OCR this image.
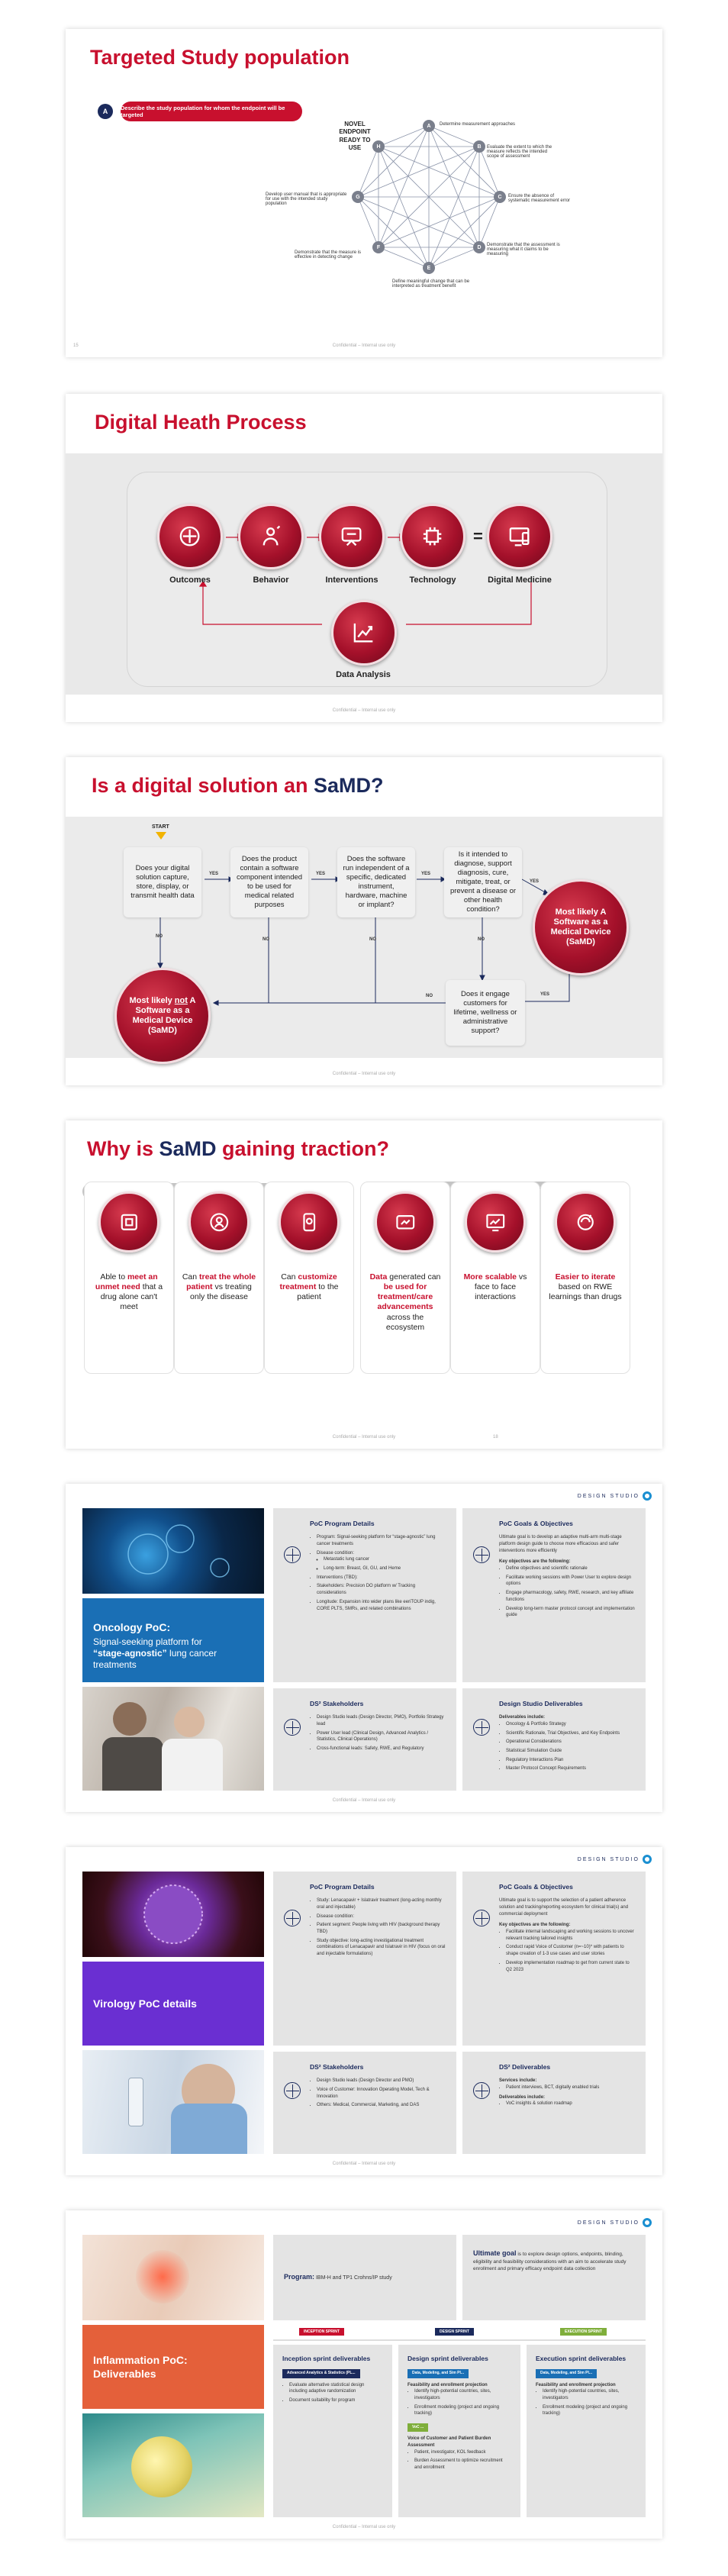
Targeted Study population
A	Describe the study population for whom the endpoint will be targeted
A
B
C
D
E
F
G
H
NOVEL ENDPOINT READY TO USE
Determine measurement approaches
Evaluate the extent to which the measure reflects the intended scope of assessment
Ensure the absence of systematic measurement error
Demonstrate that the assessment is measuring what it claims to be measuring
Define meaningful change that can be interpreted as treatment benefit
Demonstrate that the measure is effective in detecting change
Develop user manual that is appropriate for use with the intended study population
15	Confidential – Internal use only
Digital Heath Process
Outcomes	Behavior	Interventions	Technology	Digital Medicine
=
Data Analysis
Confidential – Internal use only
Is a digital solution an SaMD?
START
Does your digital solution capture, store, display, or transmit health data
Does the product contain a software component intended to be used for medical related purposes
Does the software run independent of a specific, dedicated instrument, hardware, machine or implant?
Is it intended to diagnose, support diagnosis, cure, mitigate, treat, or prevent a disease or other health condition?
Does it engage customers for lifetime, wellness or administrative support?
YES	YES	YES
YES
YES
NO
NO	NO	NO
NO
Most likely A Software as a Medical Device (SaMD)
Most likely not A Software as a Medical Device (SaMD)
Confidential – Internal use only
Why is SaMD gaining traction?
Able to meet an unmet need that a drug alone can't meet
Can treat the whole patient vs treating only the disease
Can customize treatment to the patient
Data generated can be used for treatment/care advancements across the ecosystem
More scalable vs face to face interactions
Easier to iterate based on RWE learnings than drugs
18
Confidential – Internal use only
DESIGN STUDIO
Oncology PoC:
Signal-seeking platform for
“stage-agnostic” lung cancer treatments
PoC Program Details
• Program: Signal-seeking platform for “stage-agnostic” lung cancer treatments
• Disease condition:
◦ Metastatic lung cancer
◦ Long-term: Breast, GI, GU, and Heme
• Interventions (TBD):
• Stakeholders: Precision DO platform w/ Tracking considerations
• Longitude: Expansion into wider plans like eeriTOUP indig, CORE PLTS, SMRs, and related combinations
PoC Goals & Objectives

Ultimate goal is to develop an adaptive multi-arm multi-stage platform design guide to choose more efficacious and safer interventions more efficiently

Key objectives are the following:

• Define objectives and scientific rationale
• Facilitate working sessions with Power User to explore design options
• Engage pharmacology, safety, RWE, research, and key affiliate functions
• Develop long-term master protocol concept and implementation guide
DS² Stakeholders
• Design Studio leads (Design Director, PMO), Portfolio Strategy lead
• Power User lead (Clinical Design, Advanced Analytics / Statistics, Clinical Operations)
• Cross-functional leads: Safety, RWE, and Regulatory
Design Studio Deliverables

Deliverables include:

• Oncology & Portfolio Strategy
• Scientific Rationale, Trial Objectives, and Key Endpoints
• Operational Considerations
• Statistical Simulation Guide
• Regulatory Interactions Plan
• Master Protocol Concept Requirements
Confidential – Internal use only
DESIGN STUDIO
Virology PoC details
PoC Program Details
• Study: Lenacapavir + Islatravir treatment (long-acting monthly oral and injectable)
• Disease condition:
• Patient segment: People living with HIV (background therapy TBD)
• Study objective: long-acting investigational treatment combinations of Lenacapavir and Islatravir in HIV (focus on oral and injectable formulations)
PoC Goals & Objectives

Ultimate goal is to support the selection of a patient adherence solution and tracking/reporting ecosystem for clinical trial(s) and commercial deployment

Key objectives are the following:

• Facilitate internal landscaping and working sessions to uncover relevant tracking tailored insights
• Conduct rapid Voice of Customer (n=~10)* with patients to shape creation of 1-3 use cases and user stories
• Develop implementation roadmap to get from current state to Q2 2023
DS² Stakeholders
• Design Studio leads (Design Director and PMO)
• Voice of Customer: Innovation Operating Model, Tech & Innovation
• Others: Medical, Commercial, Marketing, and DAS
DS² Deliverables

Services include:

• Patient interviews, BCT, digitally enabled trials

Deliverables include:

• VoC insights & solution roadmap
Confidential – Internal use only
DESIGN STUDIO
Inflammation PoC: Deliverables
Program: IBM-H and TP1 Crohns/IP study
Ultimate goal is to explore design options, endpoints, blinding, eligibility and feasibility considerations with an aim to accelerate study enrollment and primary efficacy endpoint data collection
INCEPTION SPRINT	DESIGN SPRINT	EXECUTION SPRINT
Inception sprint deliverables
Advanced Analytics & Statistics (PL...
• Evaluate alternative statistical design including adaptive randomization
• Document suitability for program
Design sprint deliverables
Data, Modeling, and Sim Pl...

Feasibility and enrollment projection

• Identify high-potential countries, sites, investigators
• Enrollment modeling (project and ongoing tracking)
VoC ...

Voice of Customer and Patient Burden Assessment

• Patient, investigator, KOL feedback
• Burden Assessment to optimize recruitment and enrollment
Execution sprint deliverables
Data, Modeling, and Sim Pl...

Feasibility and enrollment projection

• Identify high-potential countries, sites, investigators
• Enrollment modeling (project and ongoing tracking)
Confidential – Internal use only
